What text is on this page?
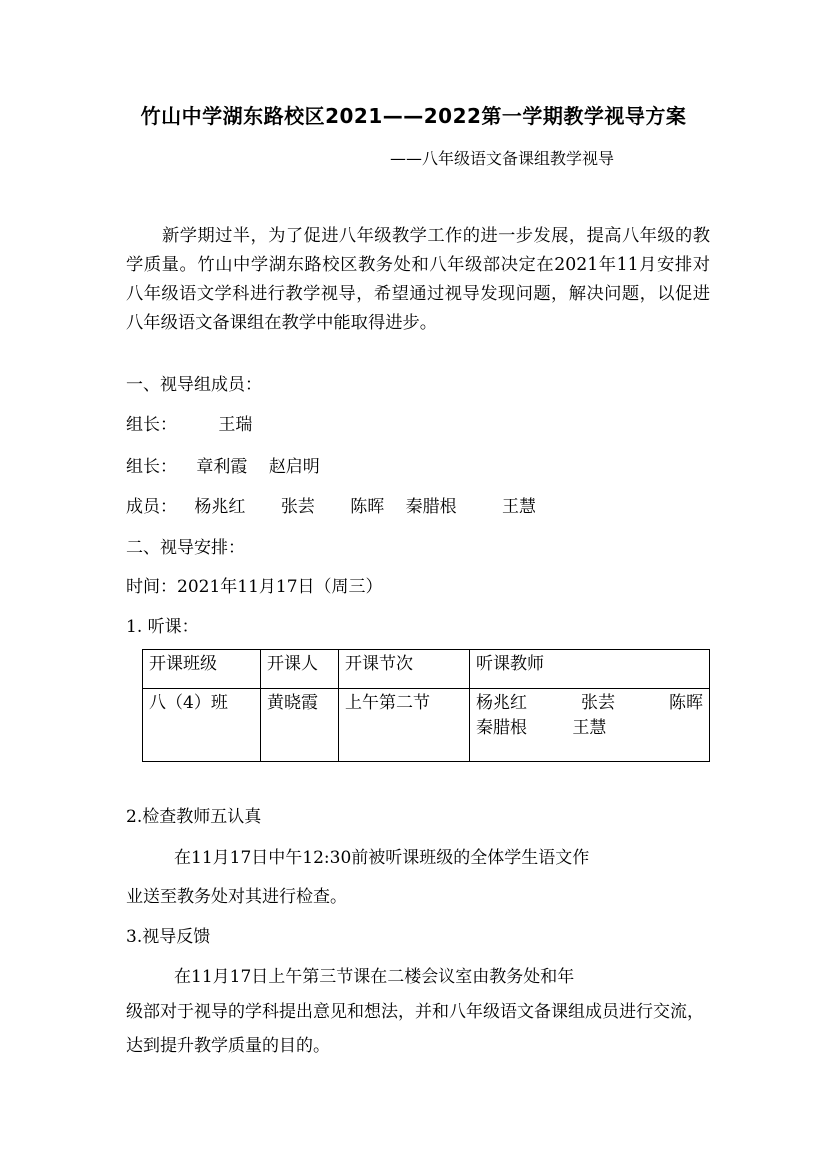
竹山中学湖东路校区2021——2022第一学期教学视导方案
——八年级语文备课组教学视导
新学期过半，为了促进八年级教学工作的进一步发展，提高八年级的教学质量。竹山中学湖东路校区教务处和八年级部决定在2021年11月安排对八年级语文学科进行教学视导，希望通过视导发现问题，解决问题，以促进八年级语文备课组在教学中能取得进步。
一、视导组成员：
组长： 王瑞
组长： 章利霞 赵启明
成员： 杨兆红 张芸 陈晖 秦腊根	王慧
二、视导安排：
时间：2021年11月17日（周三）
1. 听课：
开课班级	开课人	开课节次	听课教师
八（4）班	黄晓霞	上午第二节	杨兆红 张芸 陈晖
秦腊根 王慧
2.检查教师五认真
在11月17日中午12:30前被听课班级的全体学生语文作
业送至教务处对其进行检查。
3.视导反馈
在11月17日上午第三节课在二楼会议室由教务处和年
级部对于视导的学科提出意见和想法，并和八年级语文备课组成员进行交流，达到提升教学质量的目的。
